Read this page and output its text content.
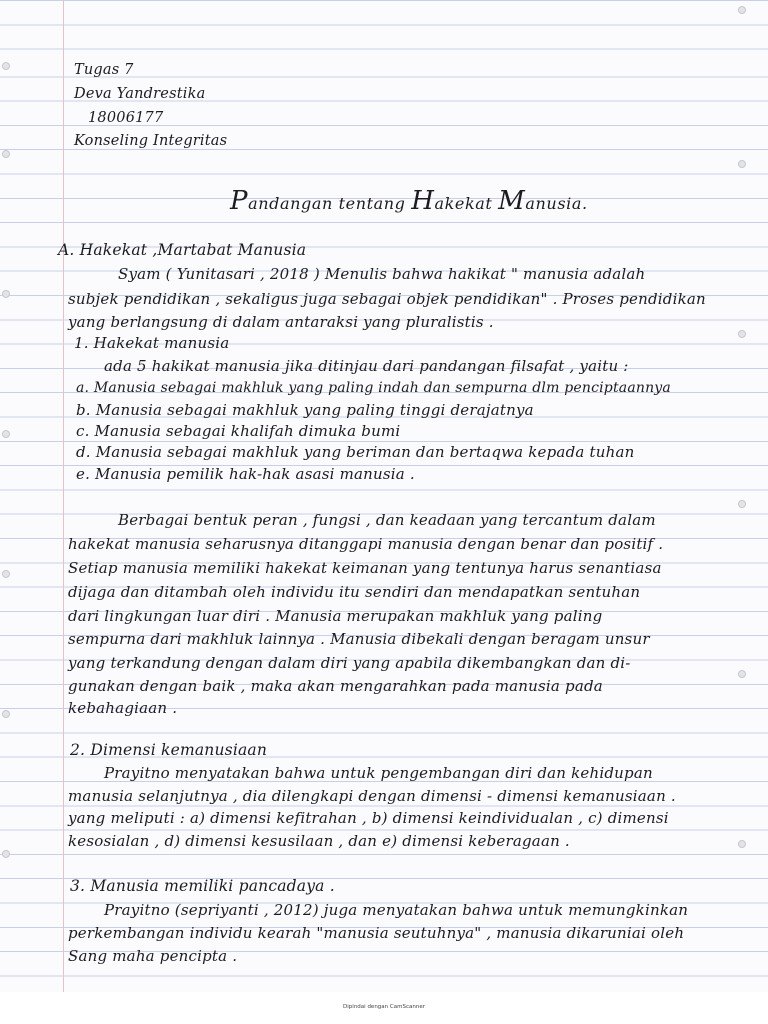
Tugas 7
Deva Yandrestika
18006177
Konseling Integritas
Pandangan tentang Hakekat Manusia.
A. Hakekat ,Martabat Manusia
Syam ( Yunitasari , 2018 ) Menulis bahwa hakikat " manusia adalah
subjek pendidikan , sekaligus juga sebagai objek pendidikan" . Proses pendidikan
yang berlangsung di dalam antaraksi yang pluralistis .
1. Hakekat manusia
ada 5 hakikat manusia jika ditinjau dari pandangan filsafat , yaitu :
a. Manusia sebagai makhluk yang paling indah dan sempurna dlm penciptaannya
b. Manusia sebagai makhluk yang paling tinggi derajatnya
c. Manusia sebagai khalifah dimuka bumi
d. Manusia sebagai makhluk yang beriman dan bertaqwa kepada tuhan
e. Manusia pemilik hak-hak asasi manusia .
Berbagai bentuk peran , fungsi , dan keadaan yang tercantum dalam
hakekat manusia seharusnya ditanggapi manusia dengan benar dan positif .
Setiap manusia memiliki hakekat keimanan yang tentunya harus senantiasa
dijaga dan ditambah oleh individu itu sendiri dan mendapatkan sentuhan
dari lingkungan luar diri . Manusia merupakan makhluk yang paling
sempurna dari makhluk lainnya . Manusia dibekali dengan beragam unsur
yang terkandung dengan dalam diri yang apabila dikembangkan dan di-
gunakan dengan baik , maka akan mengarahkan pada manusia pada
kebahagiaan .
2. Dimensi kemanusiaan
Prayitno menyatakan bahwa untuk pengembangan diri dan kehidupan
manusia selanjutnya , dia dilengkapi dengan dimensi - dimensi kemanusiaan .
yang meliputi : a) dimensi kefitrahan , b) dimensi keindividualan , c) dimensi
kesosialan , d) dimensi kesusilaan , dan e) dimensi keberagaan .
3. Manusia memiliki pancadaya .
Prayitno (sepriyanti , 2012) juga menyatakan bahwa untuk memungkinkan
perkembangan individu kearah "manusia seutuhnya" , manusia dikaruniai oleh
Sang maha pencipta .
Dipindai dengan CamScanner
